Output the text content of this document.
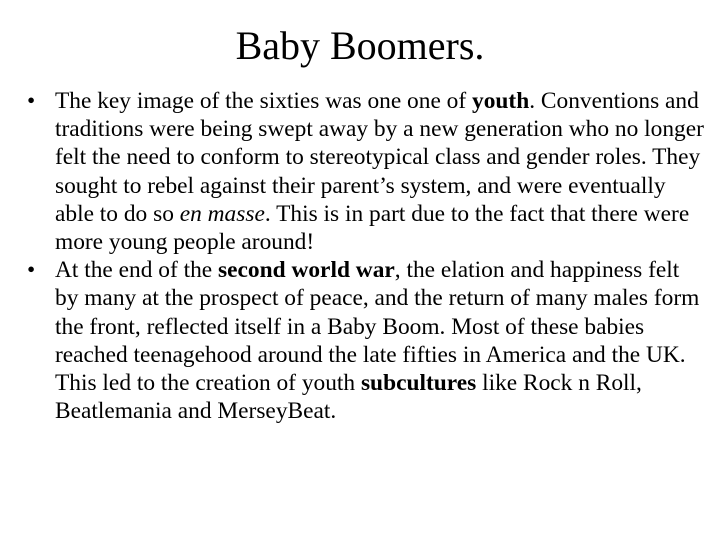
Baby Boomers.
• The key image of the sixties was one one of youth. Conventions and traditions were being swept away by a new generation who no longer felt the need to conform to stereotypical class and gender roles. They sought to rebel against their parent’s system, and were eventually able to do so en masse. This is in part due to the fact that there were more young people around!
• At the end of the second world war, the elation and happiness felt by many at the prospect of peace, and the return of many males form the front, reflected itself in a Baby Boom. Most of these babies reached teenagehood around the late fifties in America and the UK. This led to the creation of youth subcultures like Rock n Roll, Beatlemania and MerseyBeat.
